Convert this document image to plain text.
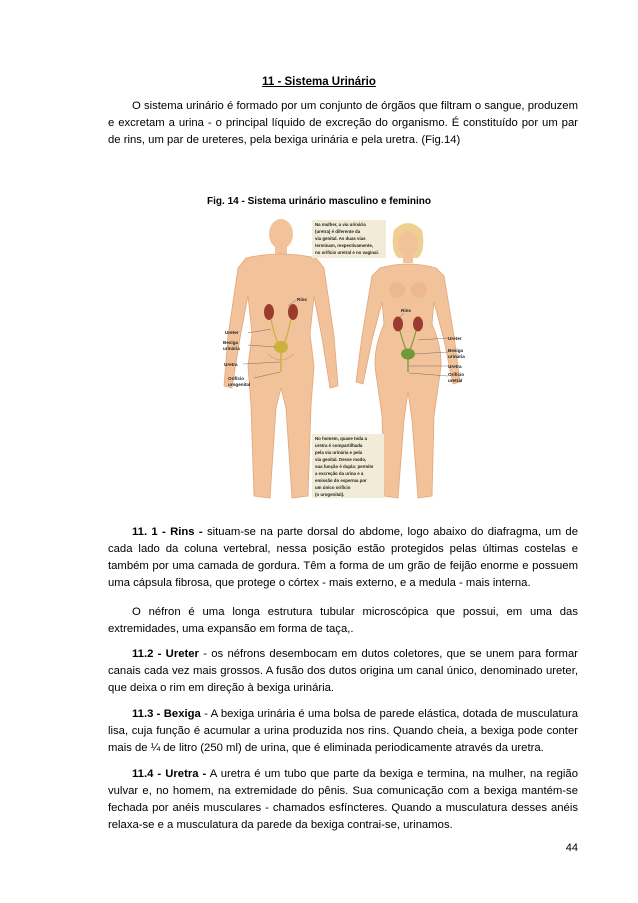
11 - Sistema Urinário

O sistema urinário é formado por um conjunto de órgãos que filtram o sangue, produzem e excretam a urina - o principal líquido de excreção do organismo. É constituído por um par de rins, um par de ureteres, pela bexiga urinária e pela uretra. (Fig.14)

Fig. 14 - Sistema urinário masculino e feminino
Rins
Ureter
Bexiga
urinária
Uretra
Orifício
urogenital
Rins
Ureter
Bexiga
urinária
Uretra
Orifício
uretral
Na mulher, a via urinária
(uretra) é diferente da
via genital. As duas vias
terminam, respectivamente,
no orifício uretral e no vaginal.
No homem, quase toda a
uretra é compartilhada
pela via urinária e pela
via genital. Desse modo,
sua função é dupla: permite
a excreção da urina e a
emissão do esperma por
um único orifício
(o urogenital).

11. 1 - Rins - situam-se na parte dorsal do abdome, logo abaixo do diafragma, um de cada lado da coluna vertebral, nessa posição estão protegidos pelas últimas costelas e também por uma camada de gordura. Têm a forma de um grão de feijão enorme e possuem uma cápsula fibrosa, que protege o córtex - mais externo, e a medula - mais interna.

O néfron é uma longa estrutura tubular microscópica que possui, em uma das extremidades, uma expansão em forma de taça,.

11.2 - Ureter - os néfrons desembocam em dutos coletores, que se unem para formar canais cada vez mais grossos. A fusão dos dutos origina um canal único, denominado ureter, que deixa o rim em direção à bexiga urinária.

11.3 - Bexiga - A bexiga urinária é uma bolsa de parede elástica, dotada de musculatura lisa, cuja função é acumular a urina produzida nos rins. Quando cheia, a bexiga pode conter mais de ¼ de litro (250 ml) de urina, que é eliminada periodicamente através da uretra.

11.4 - Uretra - A uretra é um tubo que parte da bexiga e termina, na mulher, na região vulvar e, no homem, na extremidade do pênis. Sua comunicação com a bexiga mantém-se fechada por anéis musculares - chamados esfíncteres. Quando a musculatura desses anéis relaxa-se e a musculatura da parede da bexiga contrai-se, urinamos.

44
